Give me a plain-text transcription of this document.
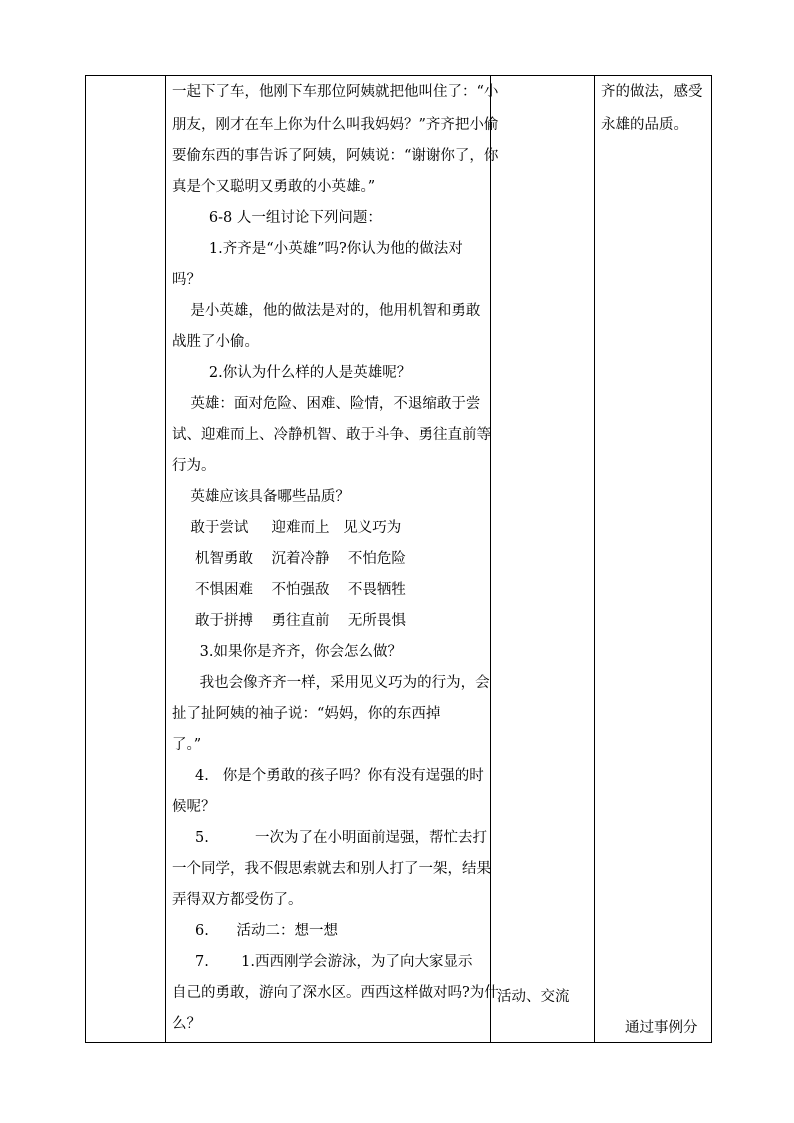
一起下了车，他刚下车那位阿姨就把他叫住了：“小
朋友，刚才在车上你为什么叫我妈妈？”齐齐把小偷
要偷东西的事告诉了阿姨，阿姨说：“谢谢你了，你
真是个又聪明又勇敢的小英雄。”
6-8 人一组讨论下列问题：
1.齐齐是“小英雄”吗?你认为他的做法对
吗？
是小英雄，他的做法是对的，他用机智和勇敢
战胜了小偷。
2.你认为什么样的人是英雄呢？
英雄：面对危险、困难、险情，不退缩敢于尝
试、迎难而上、冷静机智、敢于斗争、勇往直前等
行为。
英雄应该具备哪些品质？
敢于尝试     迎难而上   见义巧为
机智勇敢    沉着冷静    不怕危险
不惧困难    不怕强敌    不畏牺牲
敢于拼搏    勇往直前    无所畏惧
3.如果你是齐齐，你会怎么做？
我也会像齐齐一样，采用见义巧为的行为，会
扯了扯阿姨的袖子说：“妈妈，你的东西掉
了。”
4.   你是个勇敢的孩子吗？你有没有逞强的时
候呢？
5.          一次为了在小明面前逞强，帮忙去打
一个同学，我不假思索就去和别人打了一架，结果
弄得双方都受伤了。
6.      活动二：想一想
7.       1.西西刚学会游泳，为了向大家显示
自己的勇敢，游向了深水区。西西这样做对吗?为什
么？

活动、交流

齐的做法，感受
永雄的品质。
通过事例分
